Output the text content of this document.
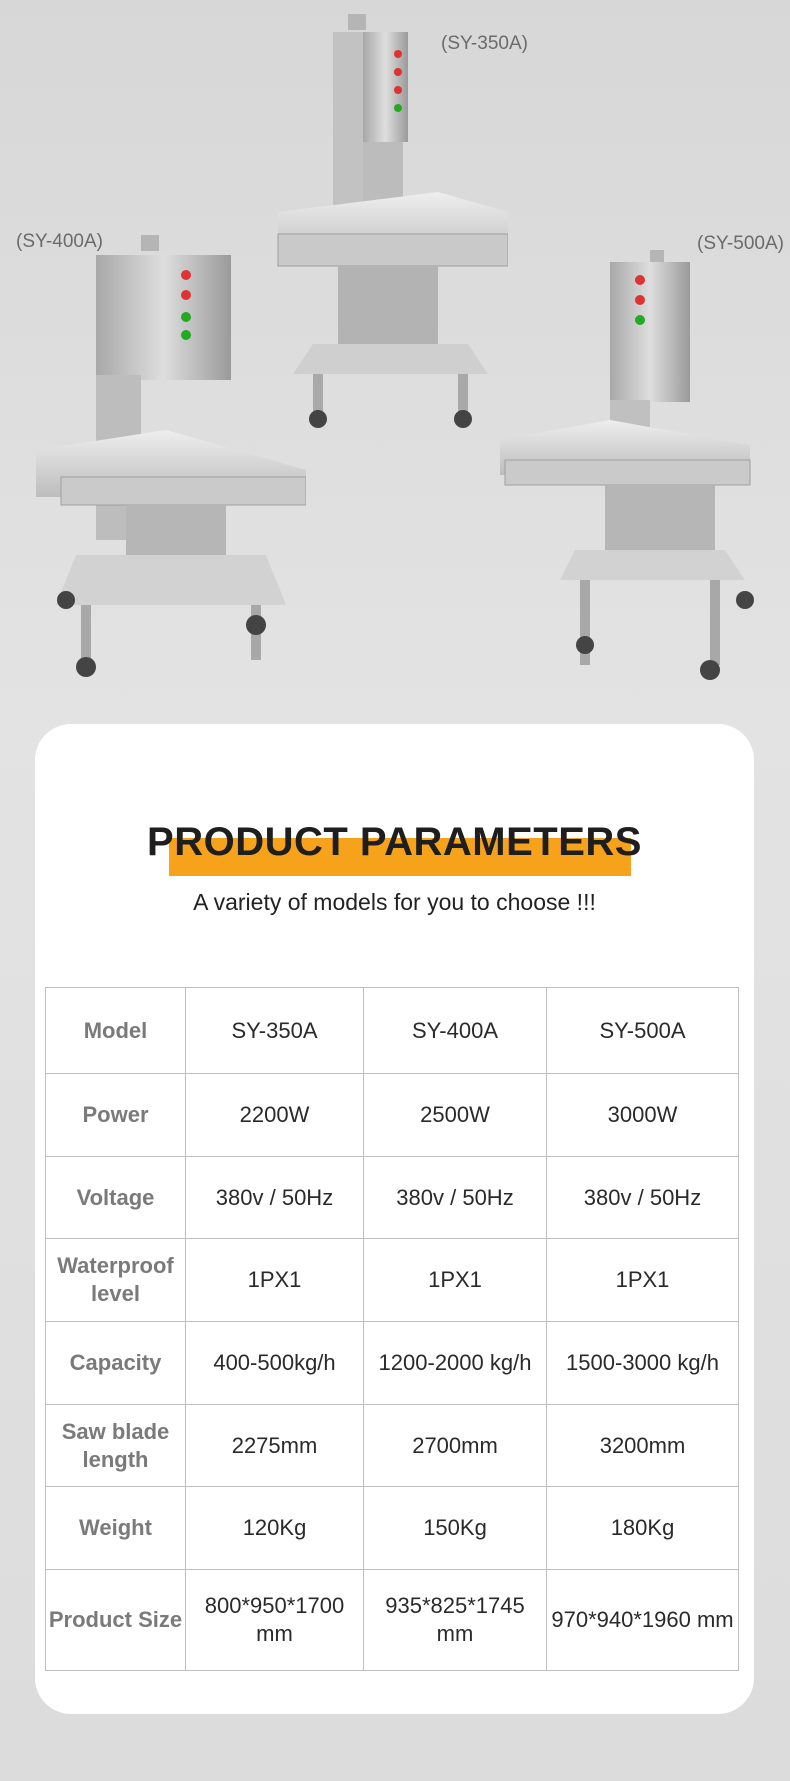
(SY-400A)
(SY-350A)
(SY-500A)
PRODUCT PARAMETERS

A variety of models for you to choose !!!

Model	SY-350A	SY-400A	SY-500A
Power	2200W	2500W	3000W
Voltage	380v / 50Hz	380v / 50Hz	380v / 50Hz
Waterproof level	1PX1	1PX1	1PX1
Capacity	400-500kg/h	1200-2000 kg/h	1500-3000 kg/h
Saw blade length	2275mm	2700mm	3200mm
Weight	120Kg	150Kg	180Kg
Product Size	800*950*1700 mm	935*825*1745 mm	970*940*1960 mm
